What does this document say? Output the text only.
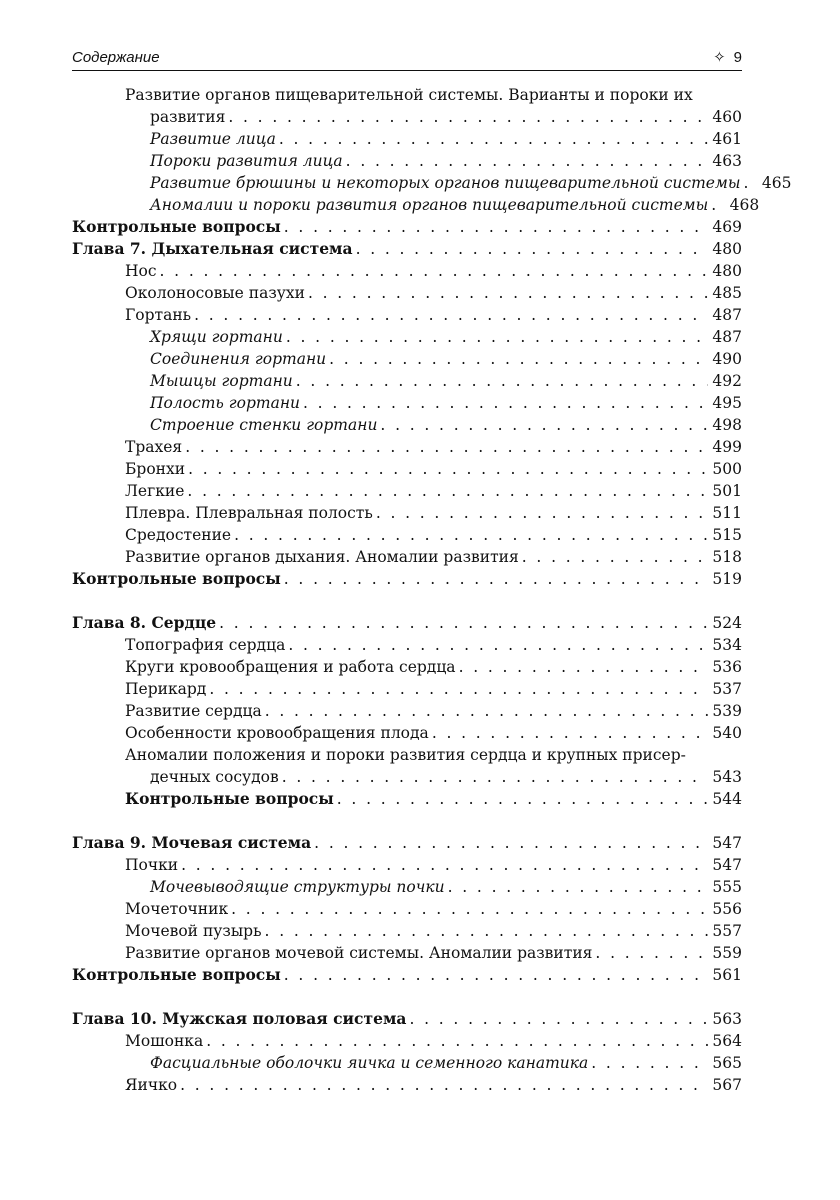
Содержание	✧ 9
Развитие органов пищеварительной системы. Варианты и пороки их
развития . . .	460
Развитие лица . . .	461
Пороки развития лица . . .	463
Развитие брюшины и некоторых органов пищеварительной системы . . . 465
Аномалии и пороки развития органов пищеварительной системы . . . 468
Контрольные вопросы . . .	469
Глава 7. Дыхательная система . . .	480
Нос . . .	480
Околоносовые пазухи . . .	485
Гортань . . .	487
Хрящи гортани . . .	487
Соединения гортани . . .	490
Мышцы гортани . . .	492
Полость гортани . . .	495
Строение стенки гортани . . .	498
Трахея . . .	499
Бронхи . . .	500
Легкие . . .	501
Плевра. Плевральная полость . . .	511
Средостение . . .	515
Развитие органов дыхания. Аномалии развития . . .	518
Контрольные вопросы . . .	519
Глава 8. Сердце . . .	524
Топография сердца . . .	534
Круги кровообращения и работа сердца . . .	536
Перикард . . .	537
Развитие сердца . . .	539
Особенности кровообращения плода . . .	540
Аномалии положения и пороки развития сердца и крупных присер-
дечных сосудов . . .	543
Контрольные вопросы . . .	544
Глава 9. Мочевая система . . .	547
Почки . . .	547
Мочевыводящие структуры почки . . .	555
Мочеточник . . .	556
Мочевой пузырь . . .	557
Развитие органов мочевой системы. Аномалии развития . . .	559
Контрольные вопросы . . .	561
Глава 10. Мужская половая система . . .	563
Мошонка . . .	564
Фасциальные оболочки яичка и семенного канатика . . .	565
Яичко . . .	567
